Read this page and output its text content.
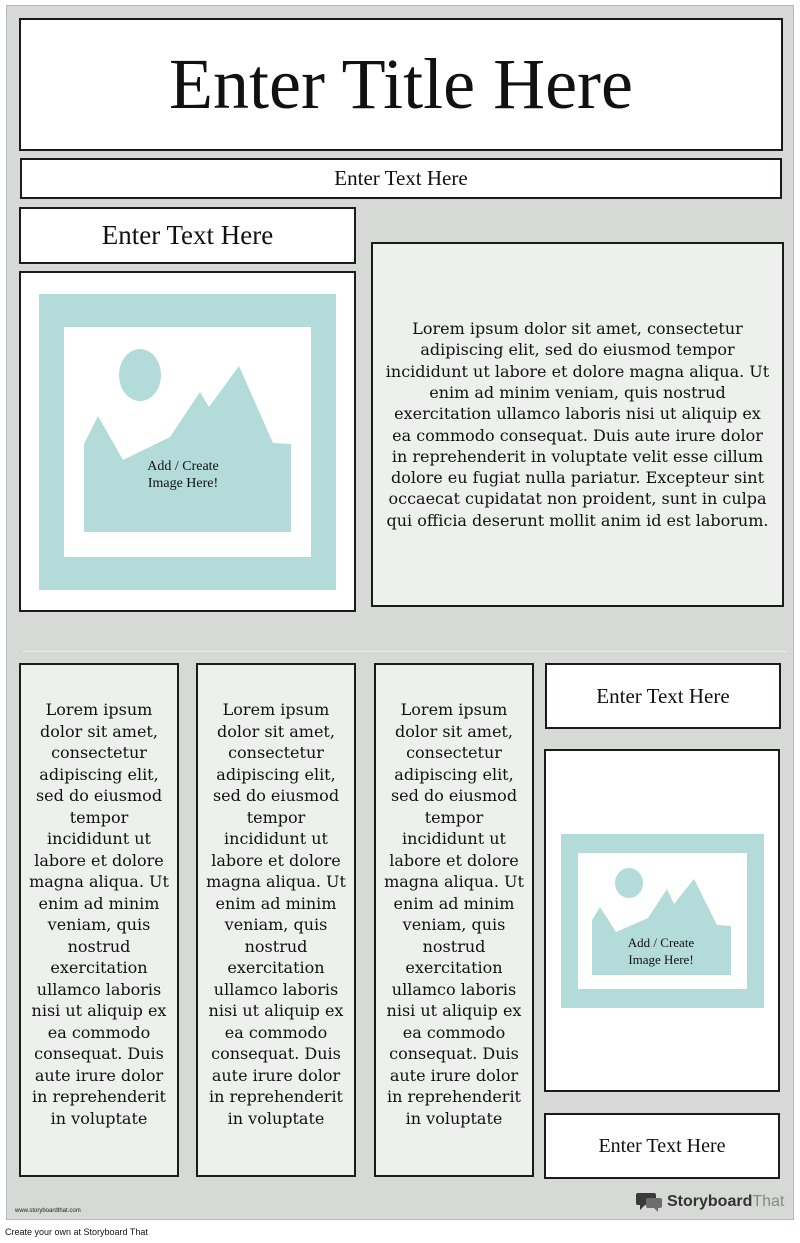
Enter Title Here
Enter Text Here
Enter Text Here
Add / Create
Image Here!
Lorem ipsum dolor sit amet, consectetur adipiscing elit, sed do eiusmod tempor incididunt ut labore et dolore magna aliqua. Ut enim ad minim veniam, quis nostrud exercitation ullamco laboris nisi ut aliquip ex ea commodo consequat. Duis aute irure dolor in reprehenderit in voluptate velit esse cillum dolore eu fugiat nulla pariatur. Excepteur sint occaecat cupidatat non proident, sunt in culpa qui officia deserunt mollit anim id est laborum.
Lorem ipsum dolor sit amet, consectetur adipiscing elit, sed do eiusmod tempor incididunt ut labore et dolore magna aliqua. Ut enim ad minim veniam, quis nostrud exercitation ullamco laboris nisi ut aliquip ex ea commodo consequat. Duis aute irure dolor in reprehenderit in voluptate
Lorem ipsum dolor sit amet, consectetur adipiscing elit, sed do eiusmod tempor incididunt ut labore et dolore magna aliqua. Ut enim ad minim veniam, quis nostrud exercitation ullamco laboris nisi ut aliquip ex ea commodo consequat. Duis aute irure dolor in reprehenderit in voluptate
Lorem ipsum dolor sit amet, consectetur adipiscing elit, sed do eiusmod tempor incididunt ut labore et dolore magna aliqua. Ut enim ad minim veniam, quis nostrud exercitation ullamco laboris nisi ut aliquip ex ea commodo consequat. Duis aute irure dolor in reprehenderit in voluptate
Enter Text Here
Add / Create
Image Here!
Enter Text Here
www.storyboardthat.com
StoryboardThat
Create your own at Storyboard That
